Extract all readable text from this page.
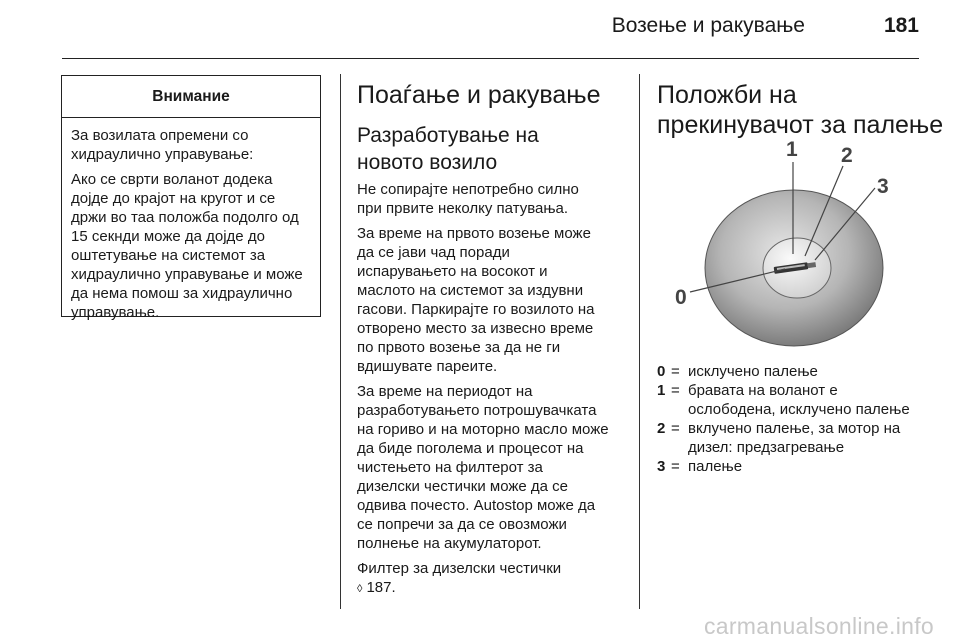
Возење и ракување	181
Внимание

За возилата опремени со хидраулично управување:

Ако се сврти воланот додека дојде до крајот на кругот и се држи во таа положба подолго од 15 секнди може да дојде до оштетување на системот за хидраулично управување и може да нема помош за хидраулично управување.

Поаѓање и ракување
Разработување на
новото возило

Не сопирајте непотребно силно
при првите неколку патувања.

За време на првото возење може
да се јави чад поради
испарувањето на восокот и
маслото на системот за издувни
гасови. Паркирајте го возилото на
отворено место за извесно време
по првото возење за да не ги
вдишувате пареите.

За време на периодот на
разработувањето потрошувачката
на гориво и на моторно масло може
да биде поголема и процесот на
чистењето на филтерот за
дизелски честички може да се
одвива почесто. Autostop може да
се попречи за да се овозможи
полнење на акумулаторот.

Филтер за дизелски честички
◊ 187.

Положби на
прекинувачот за палење
0
1 2
3
0 = исклучено палење
1 = бравата на воланот е ослободена, исклучено палење
2 = вклучено палење, за мотор на дизел: предзагревање
3 = палење
carmanualsonline.info
